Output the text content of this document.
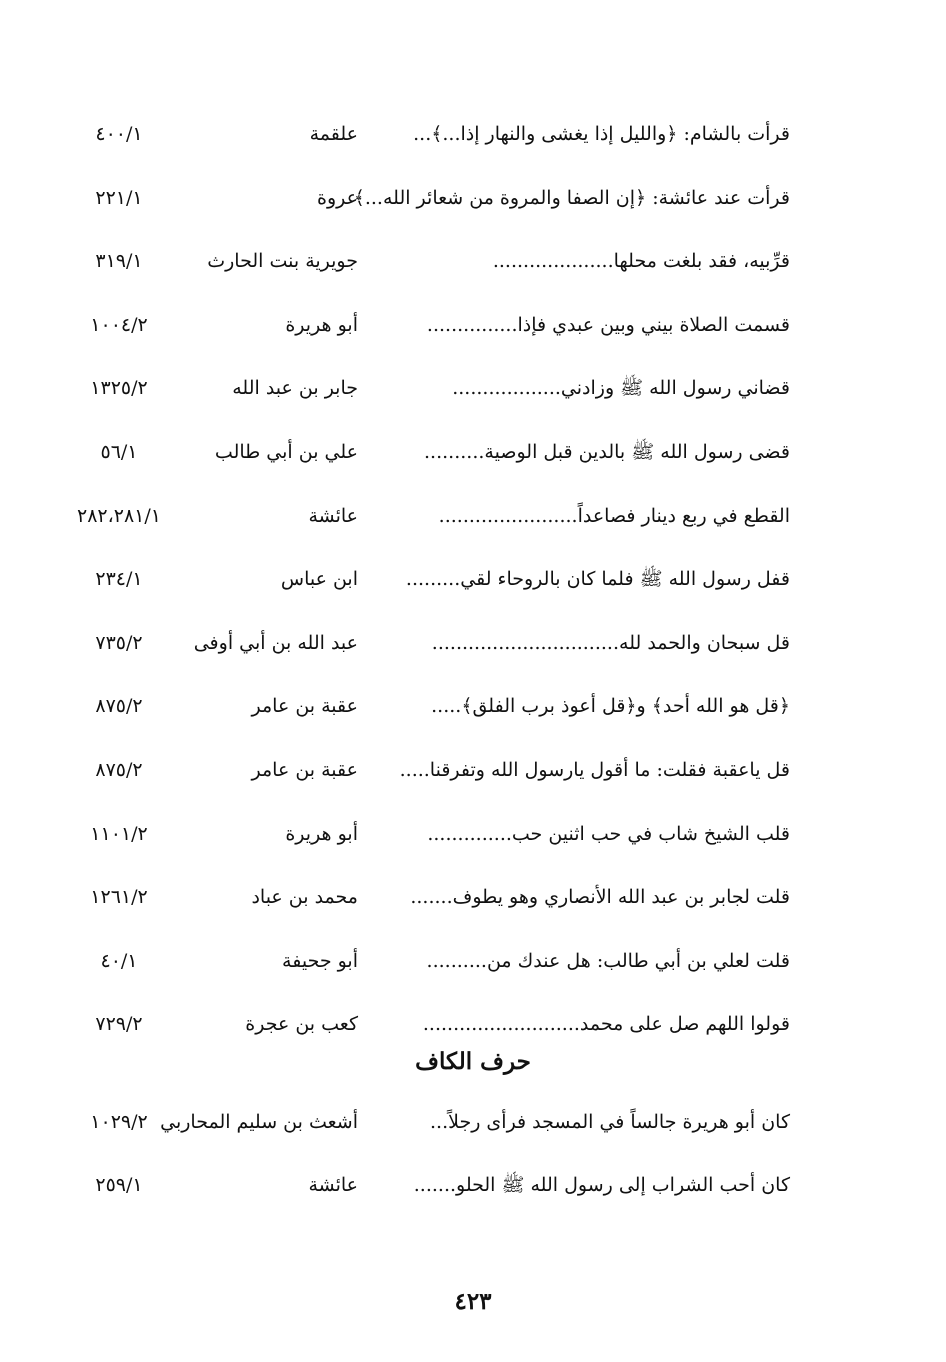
قرأت بالشام: ﴿والليل إذا يغشى والنهار إذا...﴾...
علقمة
٤٠٠/١
قرأت عند عائشة: ﴿إن الصفا والمروة من شعائر الله...﴾
عروة
٢٢١/١
قرِّبيه، فقد بلغت محلها....................
جويرية بنت الحارث
٣١٩/١
قسمت الصلاة بيني وبين عبدي فإذا...............
أبو هريرة
١٠٠٤/٢
قضاني رسول الله ﷺ وزادني..................
جابر بن عبد الله
١٣٢٥/٢
قضى رسول الله ﷺ بالدين قبل الوصية..........
علي بن أبي طالب
٥٦/١
القطع في ربع دينار فصاعداً.......................
عائشة
٢٨٢،٢٨١/١
قفل رسول الله ﷺ فلما كان بالروحاء لقي.........
ابن عباس
٢٣٤/١
قل سبحان والحمد لله...............................
عبد الله بن أبي أوفى
٧٣٥/٢
﴿قل هو الله أحد﴾ و﴿قل أعوذ برب الفلق﴾.....
عقبة بن عامر
٨٧٥/٢
قل ياعقبة فقلت: ما أقول يارسول الله وتفرقنا.....
عقبة بن عامر
٨٧٥/٢
قلب الشيخ شاب في حب اثنين حب..............
أبو هريرة
١١٠١/٢
قلت لجابر بن عبد الله الأنصاري وهو يطوف.......
محمد بن عباد
١٢٦١/٢
قلت لعلي بن أبي طالب: هل عندك من..........
أبو جحيفة
٤٠/١
قولوا اللهم صل على محمد..........................
كعب بن عجرة
٧٢٩/٢
حرف الكاف
كان أبو هريرة جالساً في المسجد فرأى رجلاً...
أشعث بن سليم المحاربي
١٠٢٩/٢
كان أحب الشراب إلى رسول الله ﷺ الحلو.......
عائشة
٢٥٩/١
٤٢٣
